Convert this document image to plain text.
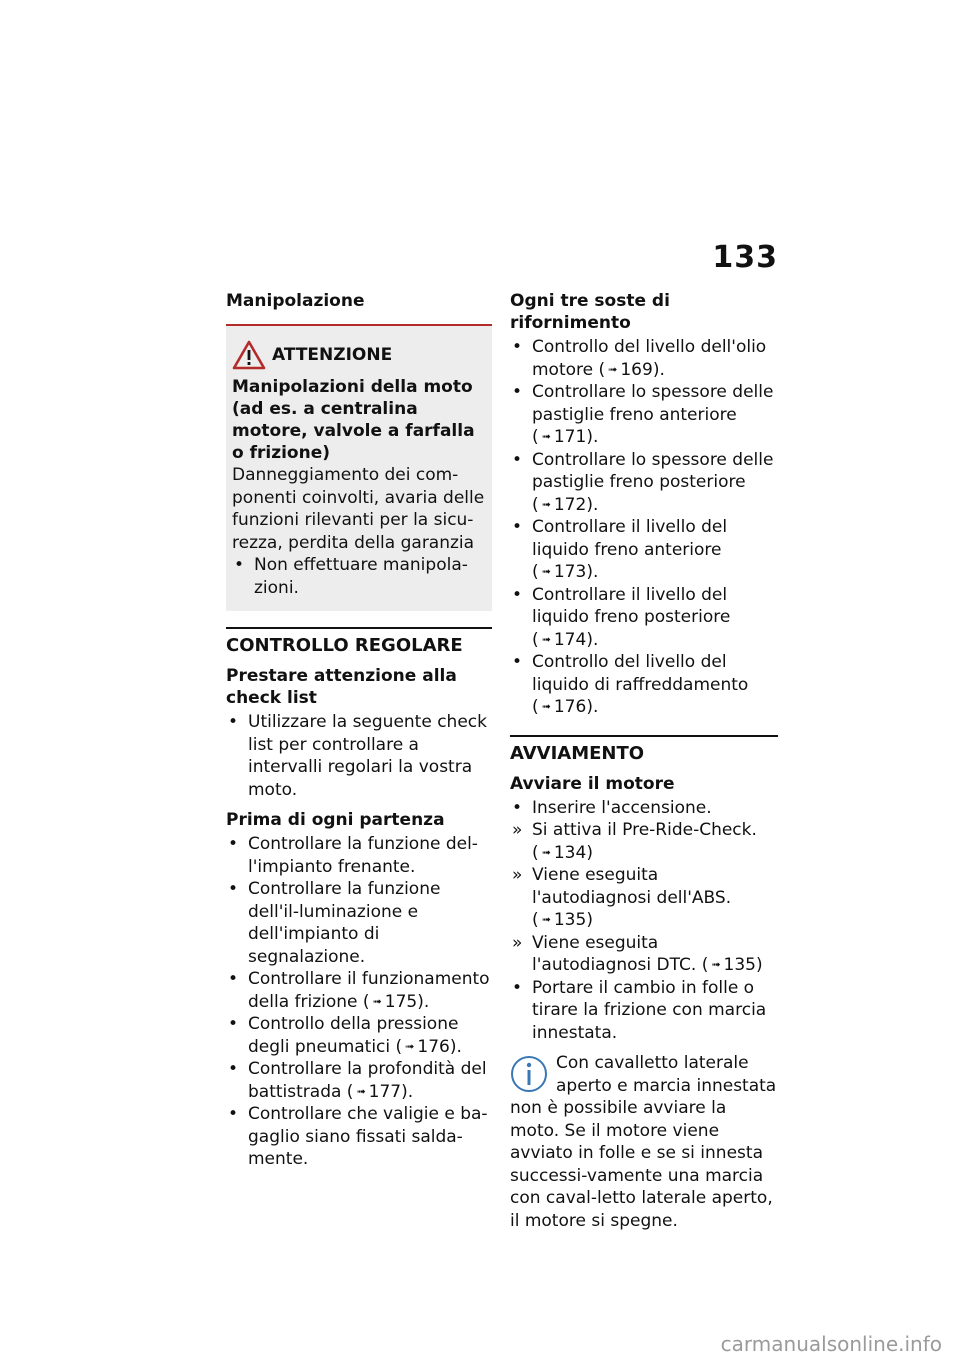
133
Manipolazione
ATTENZIONE
Manipolazioni della moto (ad es. a centralina motore, valvole a farfalla o frizione)
Danneggiamento dei com-ponenti coinvolti, avaria delle funzioni rilevanti per la sicu-rezza, perdita della garanzia
• Non effettuare manipola-zioni.
CONTROLLO REGOLARE
Prestare attenzione alla check list
• Utilizzare la seguente check list per controllare a intervalli regolari la vostra moto.
Prima di ogni partenza
• Controllare la funzione del-l'impianto frenante.
• Controllare la funzione dell'il-luminazione e dell'impianto di segnalazione.
• Controllare il funzionamento della frizione ( ➟ 175).
• Controllo della pressione degli pneumatici ( ➟ 176).
• Controllare la profondità del battistrada ( ➟ 177).
• Controllare che valigie e ba-gaglio siano fissati salda-mente.
Ogni tre soste di rifornimento
• Controllo del livello dell'olio motore ( ➟ 169).
• Controllare lo spessore delle pastiglie freno anteriore ( ➟ 171).
• Controllare lo spessore delle pastiglie freno posteriore ( ➟ 172).
• Controllare il livello del liquido freno anteriore ( ➟ 173).
• Controllare il livello del liquido freno posteriore ( ➟ 174).
• Controllo del livello del liquido di raffreddamento ( ➟ 176).
AVVIAMENTO
Avviare il motore
• Inserire l'accensione.
» Si attiva il Pre-Ride-Check. ( ➟ 134)
» Viene eseguita l'autodiagnosi dell'ABS. ( ➟ 135)
» Viene eseguita l'autodiagnosi DTC. ( ➟ 135)
• Portare il cambio in folle o tirare la frizione con marcia innestata.
Con cavalletto laterale aperto e marcia innestata non è possibile avviare la moto. Se il motore viene avviato in folle e se si innesta successi-vamente una marcia con caval-letto laterale aperto, il motore si spegne.
carmanualsonline.info
